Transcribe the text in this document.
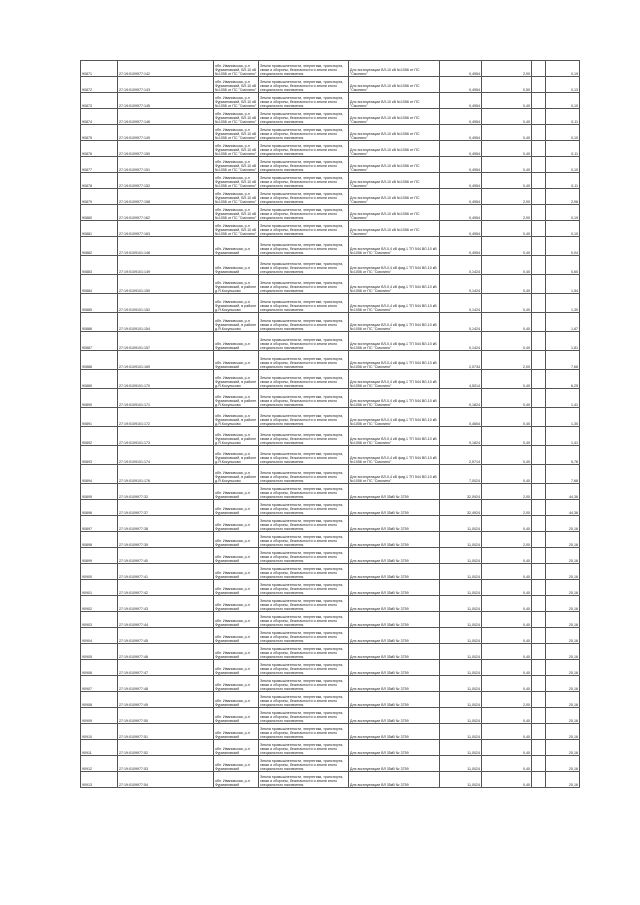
90871	27:19:0109977:142	обл. Ивановская, р-н Фурмановский, ВЛ-10 кВ №1056 от ПС "Смолино"	Земли промышленности, энергетики, транспорта, связи и обороны, безопасности и земли иного специального назначения	Для эксплуатации ВЛ-10 кВ №1056 от ПС "Смолино"	0,4954	2,00		0,19
90872	27:19:0109977:143	обл. Ивановская, р-н Фурмановский, ВЛ-10 кВ №1056 от ПС "Смолино"	Земли промышленности, энергетики, транспорта, связи и обороны, безопасности и земли иного специального назначения	Для эксплуатации ВЛ-10 кВ №1056 от ПС "Смолино"	0,4954	0,50		0,13
90873	27:19:0109977:145	обл. Ивановская, р-н Фурмановский, ВЛ-10 кВ №1056 от ПС "Смолино"	Земли промышленности, энергетики, транспорта, связи и обороны, безопасности и земли иного специального назначения	Для эксплуатации ВЛ-10 кВ №1056 от ПС "Смолино"	0,4954	0,40		0,10
90874	27:19:0109977:146	обл. Ивановская, р-н Фурмановский, ВЛ-10 кВ №1056 от ПС "Смолино"	Земли промышленности, энергетики, транспорта, связи и обороны, безопасности и земли иного специального назначения	Для эксплуатации ВЛ-10 кВ №1056 от ПС "Смолино"	0,4954	0,40		0,11
90875	27:19:0109977:149	обл. Ивановская, р-н Фурмановский, ВЛ-10 кВ №1056 от ПС "Смолино"	Земли промышленности, энергетики, транспорта, связи и обороны, безопасности и земли иного специального назначения	Для эксплуатации ВЛ-10 кВ №1056 от ПС "Смолино"	0,4954	0,40		0,10
90876	27:19:0109977:150	обл. Ивановская, р-н Фурмановский, ВЛ-10 кВ №1056 от ПС "Смолино"	Земли промышленности, энергетики, транспорта, связи и обороны, безопасности и земли иного специального назначения	Для эксплуатации ВЛ-10 кВ №1056 от ПС "Смолино"	0,4954	0,40		0,11
90877	27:19:0109977:151	обл. Ивановская, р-н Фурмановский, ВЛ-10 кВ №1056 от ПС "Смолино"	Земли промышленности, энергетики, транспорта, связи и обороны, безопасности и земли иного специального назначения	Для эксплуатации ВЛ-10 кВ №1056 от ПС "Смолино"	0,4954	0,40		0,10
90878	27:19:0109977:152	обл. Ивановская, р-н Фурмановский, ВЛ-10 кВ №1056 от ПС "Смолино"	Земли промышленности, энергетики, транспорта, связи и обороны, безопасности и земли иного специального назначения	Для эксплуатации ВЛ-10 кВ №1056 от ПС "Смолино"	0,4954	0,40		0,11
90879	27:19:0109977:158	обл. Ивановская, р-н Фурмановский, ВЛ-10 кВ №1056 от ПС "Смолино"	Земли промышленности, энергетики, транспорта, связи и обороны, безопасности и земли иного специального назначения	Для эксплуатации ВЛ-10 кВ №1056 от ПС "Смолино"	0,4954	2,00		2,06
90880	27:19:0109977:162	обл. Ивановская, р-н Фурмановский, ВЛ-10 кВ №1056 от ПС "Смолино"	Земли промышленности, энергетики, транспорта, связи и обороны, безопасности и земли иного специального назначения	Для эксплуатации ВЛ-10 кВ №1056 от ПС "Смолино"	0,4954	2,00		0,19
90881	27:19:0109977:163	обл. Ивановская, р-н Фурмановский, ВЛ-10 кВ №1056 от ПС "Смолино"	Земли промышленности, энергетики, транспорта, связи и обороны, безопасности и земли иного специального назначения	Для эксплуатации ВЛ-10 кВ №1056 от ПС "Смолино"	0,4954	0,40		0,10
90882	27:19:0109101:148	обл. Ивановская, р-н Фурмановский	Земли промышленности, энергетики, транспорта, связи и обороны, безопасности и земли иного специального назначения	Для эксплуатации ВЛ-0,4 кВ фид.1 ТП 544 ВЛ-10 кВ №1056 от ПС "Смолино"	0,4954	0,40		0,04
90883	27:19:0109101:149	обл. Ивановская, р-н Фурмановский	Земли промышленности, энергетики, транспорта, связи и обороны, безопасности и земли иного специального назначения	Для эксплуатации ВЛ-0,4 кВ фид.1 ТП 544 ВЛ-10 кВ №1056 от ПС "Смолино"	0,1424	0,40		0,60
90884	27:19:0109101:150	обл. Ивановская, р-н Фурмановский, в районе д.Я.Косульково	Земли промышленности, энергетики, транспорта, связи и обороны, безопасности и земли иного специального назначения	Для эксплуатации ВЛ-0,4 кВ фид.1 ТП 544 ВЛ-10 кВ №1056 от ПС "Смолино"	0,1424	0,40		1,54
90885	27:19:0109101:152	обл. Ивановская, р-н Фурмановский, в районе д.Я.Косульково	Земли промышленности, энергетики, транспорта, связи и обороны, безопасности и земли иного специального назначения	Для эксплуатации ВЛ-0,4 кВ фид.1 ТП 544 ВЛ-10 кВ №1056 от ПС "Смолино"	0,1424	0,40		1,30
90886	27:19:0109101:154	обл. Ивановская, р-н Фурмановский, в районе д.Я.Косульково	Земли промышленности, энергетики, транспорта, связи и обороны, безопасности и земли иного специального назначения	Для эксплуатации ВЛ-0,4 кВ фид.1 ТП 544 ВЛ-10 кВ №1056 от ПС "Смолино"	0,1424	0,40		1,67
90887	27:19:0109101:157	обл. Ивановская, р-н Фурмановский	Земли промышленности, энергетики, транспорта, связи и обороны, безопасности и земли иного специального назначения	Для эксплуатации ВЛ-0,4 кВ фид.1 ТП 544 ВЛ-10 кВ №1056 от ПС "Смолино"	0,1424	0,40		1,81
90888	27:19:0109101:169	обл. Ивановская, р-н Фурмановский	Земли промышленности, энергетики, транспорта, связи и обороны, безопасности и земли иного специального назначения	Для эксплуатации ВЛ-0,4 кВ фид.1 ТП 544 ВЛ-10 кВ №1056 от ПС "Смолино"	2,0734	2,00		7,68
90889	27:19:0109101:170	обл. Ивановская, р-н Фурмановский, в районе д.Я.Косульково	Земли промышленности, энергетики, транспорта, связи и обороны, безопасности и земли иного специального назначения	Для эксплуатации ВЛ-0,4 кВ фид.1 ТП 544 ВЛ-10 кВ №1056 от ПС "Смолино"	4,5014	0,40		6,25
90890	27:19:0109101:171	обл. Ивановская, р-н Фурмановский, в районе д.Я.Косульково	Земли промышленности, энергетики, транспорта, связи и обороны, безопасности и земли иного специального назначения	Для эксплуатации ВЛ-0,4 кВ фид.1 ТП 544 ВЛ-10 кВ №1056 от ПС "Смолино"	0,1824	0,40		1,41
90891	27:19:0109101:172	обл. Ивановская, р-н Фурмановский, в районе д.Я.Косульково	Земли промышленности, энергетики, транспорта, связи и обороны, безопасности и земли иного специального назначения	Для эксплуатации ВЛ-0,4 кВ фид.1 ТП 544 ВЛ-10 кВ №1056 от ПС "Смолино"	0,4654	0,40		1,30
90892	27:19:0109101:173	обл. Ивановская, р-н Фурмановский, в районе д.Я.Косульково	Земли промышленности, энергетики, транспорта, связи и обороны, безопасности и земли иного специального назначения	Для эксплуатации ВЛ-0,4 кВ фид.1 ТП 544 ВЛ-10 кВ №1056 от ПС "Смолино"	0,1824	0,40		1,41
90893	27:19:0109101:174	обл. Ивановская, р-н Фурмановский, в районе д.Я.Косульково	Земли промышленности, энергетики, транспорта, связи и обороны, безопасности и земли иного специального назначения	Для эксплуатации ВЛ-0,4 кВ фид.1 ТП 544 ВЛ-10 кВ №1056 от ПС "Смолино"	2,9714	0,40		5,76
90894	27:19:0109101:176	обл. Ивановская, р-н Фурмановский, в районе д.Я.Косульково	Земли промышленности, энергетики, транспорта, связи и обороны, безопасности и земли иного специального назначения	Для эксплуатации ВЛ-0,4 кВ фид.1 ТП 544 ВЛ-10 кВ №1056 от ПС "Смолино"	7,0024	0,40		7,68
90895	27:19:0109977:32	обл. Ивановская, р-н Фурмановский	Земли промышленности, энергетики, транспорта, связи и обороны, безопасности и земли иного специального назначения	Для эксплуатации ВЛ 35кВ № 3759	32,0924	2,00		44,36
90896	27:19:0109977:37	обл. Ивановская, р-н Фурмановский	Земли промышленности, энергетики, транспорта, связи и обороны, безопасности и земли иного специального назначения	Для эксплуатации ВЛ 35кВ № 3759	32,4924	2,00		44,36
90897	27:19:0109977:38	обл. Ивановская, р-н Фурмановский	Земли промышленности, энергетики, транспорта, связи и обороны, безопасности и земли иного специального назначения	Для эксплуатации ВЛ 35кВ № 3759	11,0024	0,40		20,16
90898	27:19:0109977:39	обл. Ивановская, р-н Фурмановский	Земли промышленности, энергетики, транспорта, связи и обороны, безопасности и земли иного специального назначения	Для эксплуатации ВЛ 35кВ № 3759	11,0024	2,00		20,16
90899	27:19:0109977:40	обл. Ивановская, р-н Фурмановский	Земли промышленности, энергетики, транспорта, связи и обороны, безопасности и земли иного специального назначения	Для эксплуатации ВЛ 35кВ № 3759	11,0024	0,40		20,16
90900	27:19:0109977:41	обл. Ивановская, р-н Фурмановский	Земли промышленности, энергетики, транспорта, связи и обороны, безопасности и земли иного специального назначения	Для эксплуатации ВЛ 35кВ № 3759	11,0024	0,40		20,16
90901	27:19:0109977:42	обл. Ивановская, р-н Фурмановский	Земли промышленности, энергетики, транспорта, связи и обороны, безопасности и земли иного специального назначения	Для эксплуатации ВЛ 35кВ № 3759	11,0024	0,40		20,16
90902	27:19:0109977:43	обл. Ивановская, р-н Фурмановский	Земли промышленности, энергетики, транспорта, связи и обороны, безопасности и земли иного специального назначения	Для эксплуатации ВЛ 35кВ № 3759	11,0024	0,40		20,16
90903	27:19:0109977:44	обл. Ивановская, р-н Фурмановский	Земли промышленности, энергетики, транспорта, связи и обороны, безопасности и земли иного специального назначения	Для эксплуатации ВЛ 35кВ № 3759	11,0024	0,40		20,16
90904	27:19:0109977:45	обл. Ивановская, р-н Фурмановский	Земли промышленности, энергетики, транспорта, связи и обороны, безопасности и земли иного специального назначения	Для эксплуатации ВЛ 35кВ № 3759	11,0024	0,40		20,16
90905	27:19:0109977:46	обл. Ивановская, р-н Фурмановский	Земли промышленности, энергетики, транспорта, связи и обороны, безопасности и земли иного специального назначения	Для эксплуатации ВЛ 35кВ № 3759	11,0024	0,40		20,16
90906	27:19:0109977:47	обл. Ивановская, р-н Фурмановский	Земли промышленности, энергетики, транспорта, связи и обороны, безопасности и земли иного специального назначения	Для эксплуатации ВЛ 35кВ № 3759	11,0024	0,40		20,16
90907	27:19:0109977:48	обл. Ивановская, р-н Фурмановский	Земли промышленности, энергетики, транспорта, связи и обороны, безопасности и земли иного специального назначения	Для эксплуатации ВЛ 35кВ № 3759	11,0024	0,40		20,16
90908	27:19:0109977:49	обл. Ивановская, р-н Фурмановский	Земли промышленности, энергетики, транспорта, связи и обороны, безопасности и земли иного специального назначения	Для эксплуатации ВЛ 35кВ № 3759	11,0024	2,00		20,16
90909	27:19:0109977:50	обл. Ивановская, р-н Фурмановский	Земли промышленности, энергетики, транспорта, связи и обороны, безопасности и земли иного специального назначения	Для эксплуатации ВЛ 35кВ № 3759	11,0024	0,40		20,16
90910	27:19:0109977:51	обл. Ивановская, р-н Фурмановский	Земли промышленности, энергетики, транспорта, связи и обороны, безопасности и земли иного специального назначения	Для эксплуатации ВЛ 35кВ № 3759	11,0024	0,40		20,16
90911	27:19:0109977:52	обл. Ивановская, р-н Фурмановский	Земли промышленности, энергетики, транспорта, связи и обороны, безопасности и земли иного специального назначения	Для эксплуатации ВЛ 35кВ № 3759	11,0024	0,40		20,16
90912	27:19:0109977:53	обл. Ивановская, р-н Фурмановский	Земли промышленности, энергетики, транспорта, связи и обороны, безопасности и земли иного специального назначения	Для эксплуатации ВЛ 35кВ № 3759	11,0024	0,40		20,16
90913	27:19:0109977:54	обл. Ивановская, р-н Фурмановский	Земли промышленности, энергетики, транспорта, связи и обороны, безопасности и земли иного специального назначения	Для эксплуатации ВЛ 35кВ № 3759	11,0024	0,40		20,16
